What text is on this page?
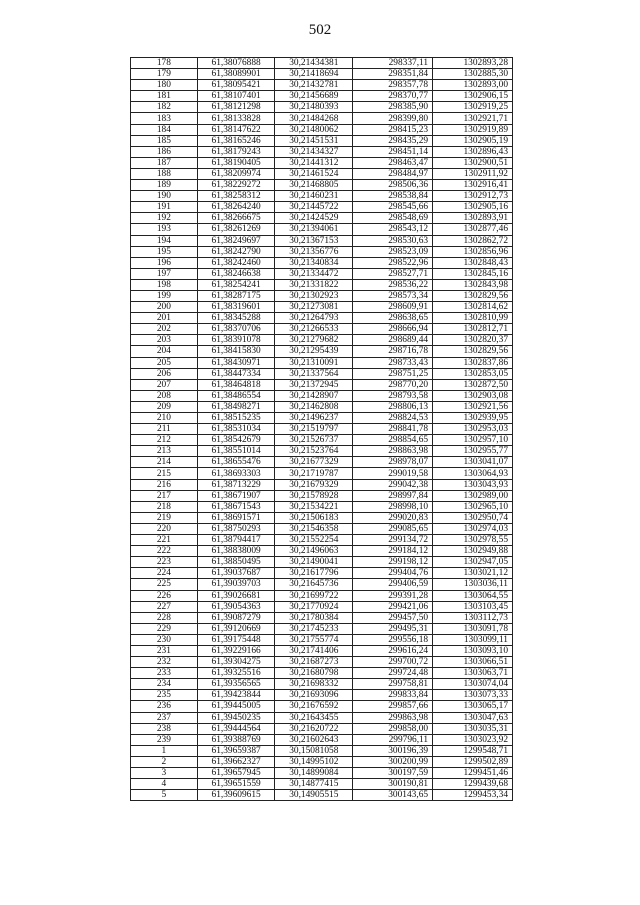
502
178	61,38076888	30,21434381	298337,11	1302893,28
179	61,38089901	30,21418694	298351,84	1302885,30
180	61,38095421	30,21432781	298357,78	1302893,00
181	61,38107401	30,21456689	298370,77	1302906,15
182	61,38121298	30,21480393	298385,90	1302919,25
183	61,38133828	30,21484268	298399,80	1302921,71
184	61,38147622	30,21480062	298415,23	1302919,89
185	61,38165246	30,21451531	298435,29	1302905,19
186	61,38179243	30,21434327	298451,14	1302896,43
187	61,38190405	30,21441312	298463,47	1302900,51
188	61,38209974	30,21461524	298484,97	1302911,92
189	61,38229272	30,21468805	298506,36	1302916,41
190	61,38258312	30,21460231	298538,84	1302912,73
191	61,38264240	30,21445722	298545,66	1302905,16
192	61,38266675	30,21424529	298548,69	1302893,91
193	61,38261269	30,21394061	298543,12	1302877,46
194	61,38249697	30,21367153	298530,63	1302862,72
195	61,38242790	30,21356776	298523,09	1302856,96
196	61,38242460	30,21340834	298522,96	1302848,43
197	61,38246638	30,21334472	298527,71	1302845,16
198	61,38254241	30,21331822	298536,22	1302843,98
199	61,38287175	30,21302923	298573,34	1302829,56
200	61,38319601	30,21273081	298609,91	1302814,62
201	61,38345288	30,21264793	298638,65	1302810,99
202	61,38370706	30,21266533	298666,94	1302812,71
203	61,38391078	30,21279682	298689,44	1302820,37
204	61,38415830	30,21295439	298716,78	1302829,56
205	61,38430971	30,21310091	298733,43	1302837,86
206	61,38447334	30,21337564	298751,25	1302853,05
207	61,38464818	30,21372945	298770,20	1302872,50
208	61,38486554	30,21428907	298793,58	1302903,08
209	61,38498271	30,21462808	298806,13	1302921,56
210	61,38515235	30,21496237	298824,53	1302939,95
211	61,38531034	30,21519797	298841,78	1302953,03
212	61,38542679	30,21526737	298854,65	1302957,10
213	61,38551014	30,21523764	298863,98	1302955,77
214	61,38655476	30,21677329	298978,07	1303041,07
215	61,38693303	30,21719787	299019,58	1303064,93
216	61,38713229	30,21679329	299042,38	1303043,93
217	61,38671907	30,21578928	298997,84	1302989,00
218	61,38671543	30,21534221	298998,10	1302965,10
219	61,38691571	30,21506183	299020,83	1302950,74
220	61,38750293	30,21546358	299085,65	1302974,03
221	61,38794417	30,21552254	299134,72	1302978,55
222	61,38838009	30,21496063	299184,12	1302949,88
223	61,38850495	30,21490041	299198,12	1302947,05
224	61,39037687	30,21617796	299404,76	1303021,12
225	61,39039703	30,21645736	299406,59	1303036,11
226	61,39026681	30,21699722	299391,28	1303064,55
227	61,39054363	30,21770924	299421,06	1303103,45
228	61,39087279	30,21780384	299457,50	1303112,73
229	61,39120669	30,21745233	299495,31	1303091,78
230	61,39175448	30,21755774	299556,18	1303099,11
231	61,39229166	30,21741406	299616,24	1303093,10
232	61,39304275	30,21687273	299700,72	1303066,51
233	61,39325516	30,21680798	299724,48	1303063,71
234	61,39356565	30,21698332	299758,81	1303074,04
235	61,39423844	30,21693096	299833,84	1303073,33
236	61,39445005	30,21676592	299857,66	1303065,17
237	61,39450235	30,21643455	299863,98	1303047,63
238	61,39444564	30,21620722	299858,00	1303035,31
239	61,39388769	30,21602643	299796,11	1303023,92
1	61,39659387	30,15081058	300196,39	1299548,71
2	61,39662327	30,14995102	300200,99	1299502,89
3	61,39657945	30,14899084	300197,59	1299451,46
4	61,39651559	30,14877415	300190,81	1299439,68
5	61,39609615	30,14905515	300143,65	1299453,34
